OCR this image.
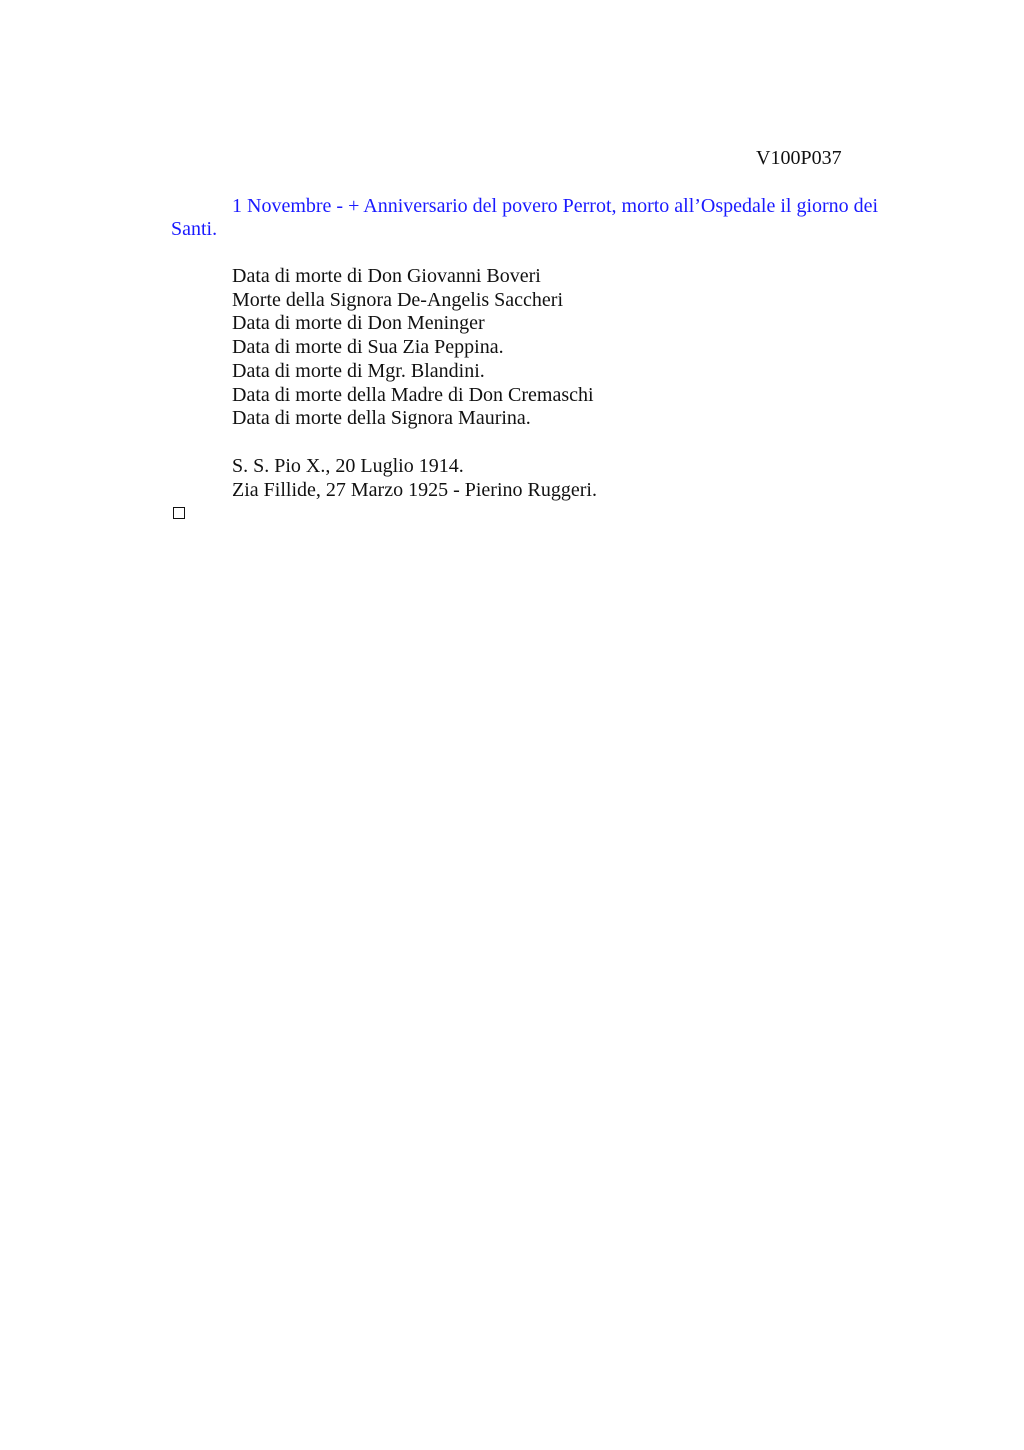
V100P037

1 Novembre - + Anniversario del povero Perrot, morto all’Ospedale il giorno dei Santi.

Data di morte di Don Giovanni Boveri
Morte della Signora De-Angelis Saccheri
Data di morte di Don Meninger
Data di morte di Sua Zia Peppina.
Data di morte di Mgr. Blandini.
Data di morte della Madre di Don Cremaschi
Data di morte della Signora Maurina.
S. S. Pio X., 20 Luglio 1914.
Zia Fillide, 27 Marzo 1925 - Pierino Ruggeri.
